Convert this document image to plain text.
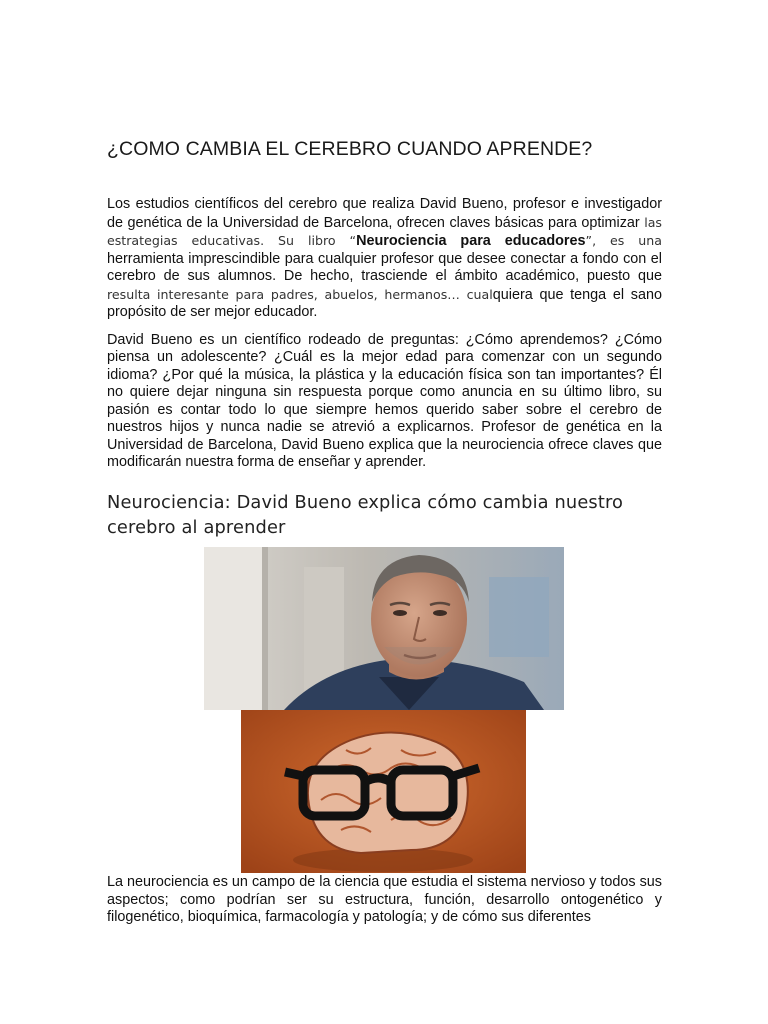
¿COMO CAMBIA EL CEREBRO CUANDO APRENDE?

Los estudios científicos del cerebro que realiza David Bueno, profesor e investigador de genética de la Universidad de Barcelona, ofrecen claves básicas para optimizar las estrategias educativas. Su libro “Neurociencia para educadores”, es una herramienta imprescindible para cualquier profesor que desee conectar a fondo con el cerebro de sus alumnos. De hecho, trasciende el ámbito académico, puesto que resulta interesante para padres, abuelos, hermanos… cualquiera que tenga el sano propósito de ser mejor educador.

David Bueno es un científico rodeado de preguntas: ¿Cómo aprendemos? ¿Cómo piensa un adolescente? ¿Cuál es la mejor edad para comenzar con un segundo idioma? ¿Por qué la música, la plástica y la educación física son tan importantes? Él no quiere dejar ninguna sin respuesta porque como anuncia en su último libro, su pasión es contar todo lo que siempre hemos querido saber sobre el cerebro de nuestros hijos y nunca nadie se atrevió a explicarnos. Profesor de genética en la Universidad de Barcelona, David Bueno explica que la neurociencia ofrece claves que modificarán nuestra forma de enseñar y aprender.

Neurociencia: David Bueno explica cómo cambia nuestro cerebro al aprender

La neurociencia es un campo de la ciencia que estudia el sistema nervioso y todos sus aspectos; como podrían ser su estructura, función, desarrollo ontogenético y filogenético, bioquímica, farmacología y patología; y de cómo sus diferentes
